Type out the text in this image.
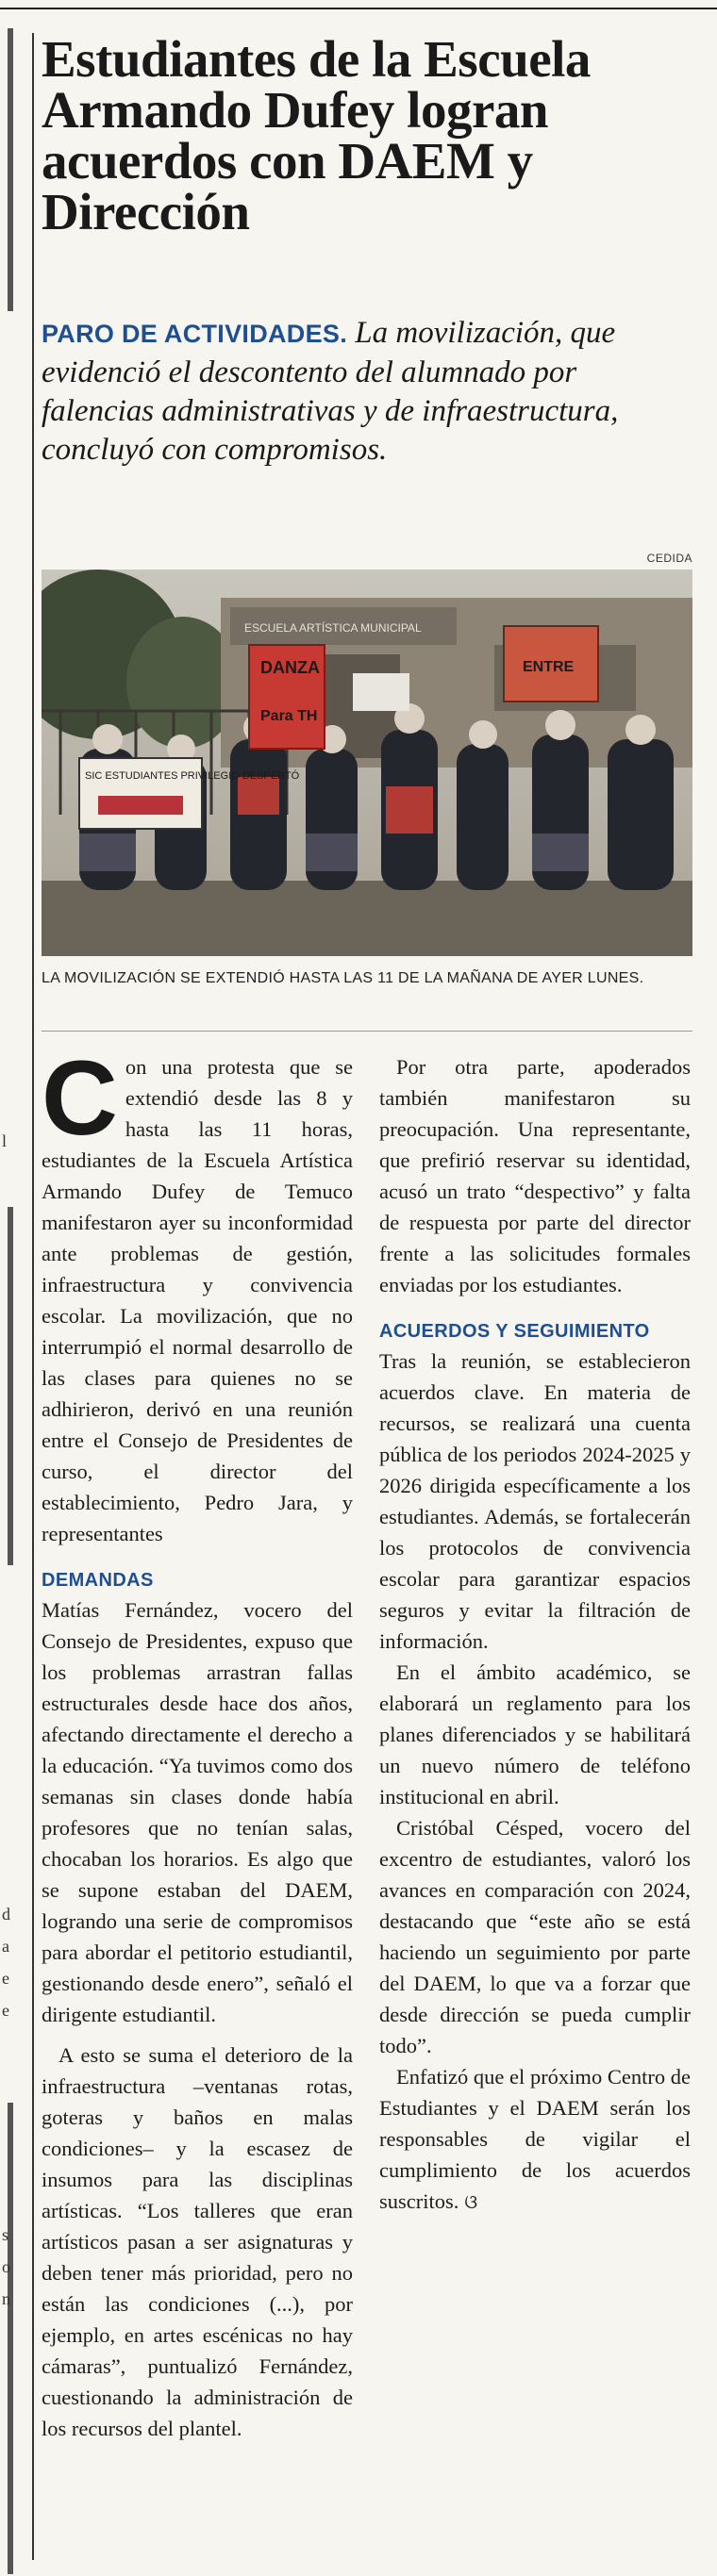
l
d
a
e
e
s
o
n
Estudiantes de la Escuela Armando Dufey logran acuerdos con DAEM y Dirección

PARO DE ACTIVIDADES. La movilización, que evidenció el descontento del alumnado por falencias administrativas y de infraestructura, concluyó con compromisos.

CEDIDA
ESCUELA ARTÍSTICA MUNICIPAL
DANZA
Para TH
SIC ESTUDIANTES PRIVILEGIO DESPERTÓ
ENTRE

LA MOVILIZACIÓN SE EXTENDIÓ HASTA LAS 11 DE LA MAÑANA DE AYER LUNES.

Con una protesta que se extendió desde las 8 y hasta las 11 horas, estudiantes de la Escuela Artística Armando Dufey de Temuco manifestaron ayer su inconformidad ante problemas de gestión, infraestructura y convivencia escolar. La movilización, que no interrumpió el normal desarrollo de las clases para quienes no se adhirieron, derivó en una reunión entre el Consejo de Presidentes de curso, el director del establecimiento, Pedro Jara, y representantes

DEMANDAS

Matías Fernández, vocero del Consejo de Presidentes, expuso que los problemas arrastran fallas estructurales desde hace dos años, afectando directamente el derecho a la educación. “Ya tuvimos como dos semanas sin clases donde había profesores que no tenían salas, chocaban los horarios. Es algo que se supone estaban del DAEM, logrando una serie de compromisos para abordar el petitorio estudiantil, gestionando desde enero”, señaló el dirigente estudiantil.

A esto se suma el deterioro de la infraestructura –ventanas rotas, goteras y baños en malas condiciones– y la escasez de insumos para las disciplinas artísticas. “Los talleres que eran artísticos pasan a ser asignaturas y deben tener más prioridad, pero no están las condiciones (...), por ejemplo, en artes escénicas no hay cámaras”, puntualizó Fernández, cuestionando la administración de los recursos del plantel.

Por otra parte, apoderados también manifestaron su preocupación. Una representante, que prefirió reservar su identidad, acusó un trato “despectivo” y falta de respuesta por parte del director frente a las solicitudes formales enviadas por los estudiantes.

ACUERDOS Y SEGUIMIENTO

Tras la reunión, se establecieron acuerdos clave. En materia de recursos, se realizará una cuenta pública de los periodos 2024-2025 y 2026 dirigida específicamente a los estudiantes. Además, se fortalecerán los protocolos de convivencia escolar para garantizar espacios seguros y evitar la filtración de información.

En el ámbito académico, se elaborará un reglamento para los planes diferenciados y se habilitará un nuevo número de teléfono institucional en abril.

Cristóbal Césped, vocero del excentro de estudiantes, valoró los avances en comparación con 2024, destacando que “este año se está haciendo un seguimiento por parte del DAEM, lo que va a forzar que desde dirección se pueda cumplir todo”.

Enfatizó que el próximo Centro de Estudiantes y el DAEM serán los responsables de vigilar el cumplimiento de los acuerdos suscritos. ଓ
